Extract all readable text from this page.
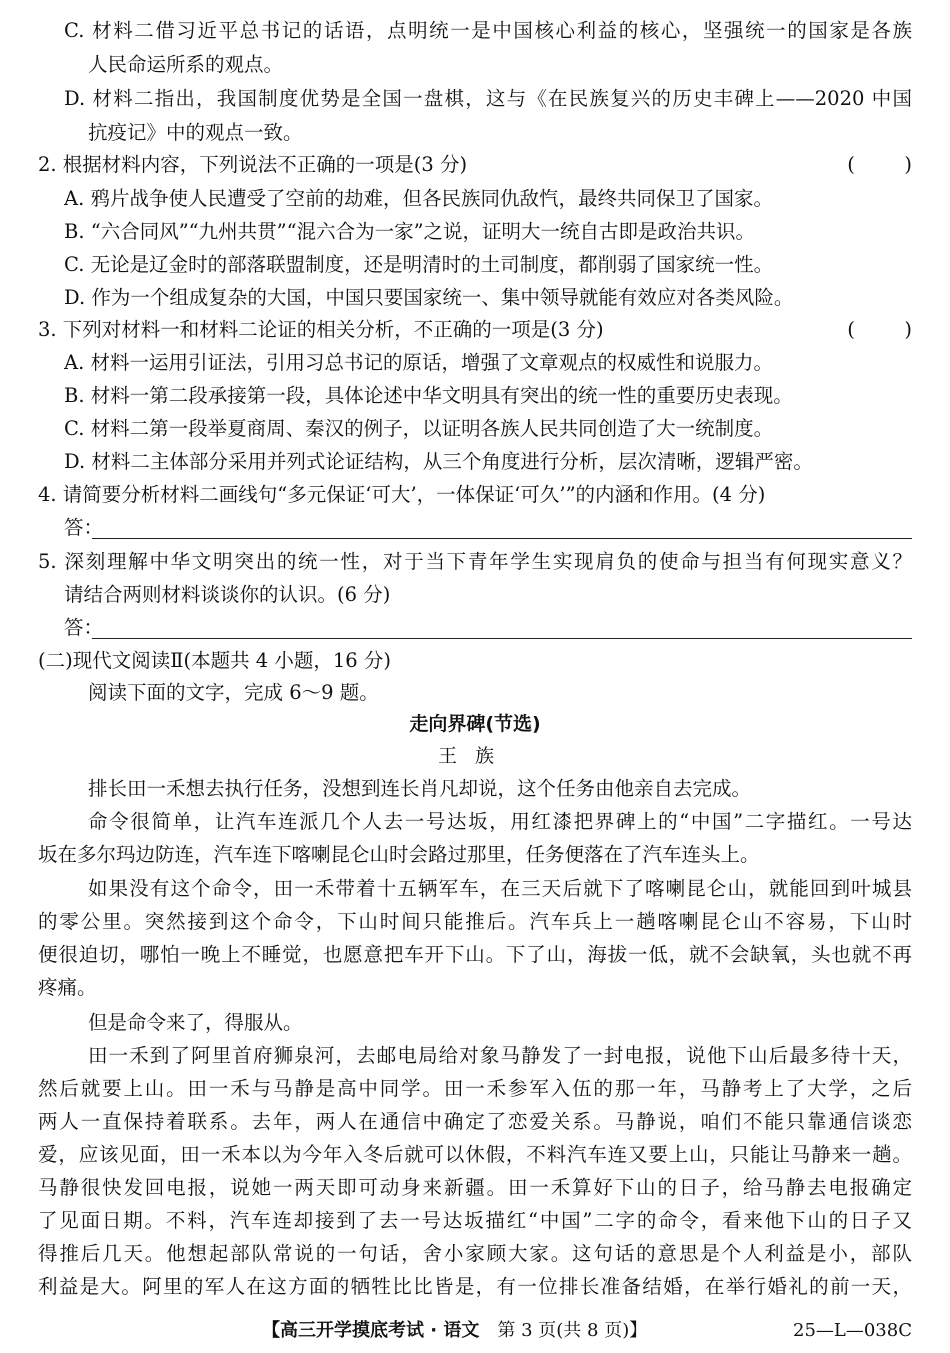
C. 材料二借习近平总书记的话语，点明统一是中国核心利益的核心，坚强统一的国家是各族
人民命运所系的观点。
D. 材料二指出，我国制度优势是全国一盘棋，这与《在民族复兴的历史丰碑上——2020 中国
抗疫记》中的观点一致。
2. 根据材料内容，下列说法不正确的一项是(3 分)	(        )
A. 鸦片战争使人民遭受了空前的劫难，但各民族同仇敌忾，最终共同保卫了国家。
B. “六合同风”“九州共贯”“混六合为一家”之说，证明大一统自古即是政治共识。
C. 无论是辽金时的部落联盟制度，还是明清时的土司制度，都削弱了国家统一性。
D. 作为一个组成复杂的大国，中国只要国家统一、集中领导就能有效应对各类风险。
3. 下列对材料一和材料二论证的相关分析，不正确的一项是(3 分)	(        )
A. 材料一运用引证法，引用习总书记的原话，增强了文章观点的权威性和说服力。
B. 材料一第二段承接第一段，具体论述中华文明具有突出的统一性的重要历史表现。
C. 材料二第一段举夏商周、秦汉的例子，以证明各族人民共同创造了大一统制度。
D. 材料二主体部分采用并列式论证结构，从三个角度进行分析，层次清晰，逻辑严密。
4. 请简要分析材料二画线句“多元保证‘可大’，一体保证‘可久’”的内涵和作用。(4 分)
答：
5. 深刻理解中华文明突出的统一性，对于当下青年学生实现肩负的使命与担当有何现实意义？
请结合两则材料谈谈你的认识。(6 分)
答：
(二)现代文阅读Ⅱ(本题共 4 小题，16 分)
阅读下面的文字，完成 6～9 题。
走向界碑(节选)
王族
排长田一禾想去执行任务，没想到连长肖凡却说，这个任务由他亲自去完成。
命令很简单，让汽车连派几个人去一号达坂，用红漆把界碑上的“中国”二字描红。一号达
坂在多尔玛边防连，汽车连下喀喇昆仑山时会路过那里，任务便落在了汽车连头上。
如果没有这个命令，田一禾带着十五辆军车，在三天后就下了喀喇昆仑山，就能回到叶城县
的零公里。突然接到这个命令，下山时间只能推后。汽车兵上一趟喀喇昆仑山不容易，下山时
便很迫切，哪怕一晚上不睡觉，也愿意把车开下山。下了山，海拔一低，就不会缺氧，头也就不再
疼痛。
但是命令来了，得服从。
田一禾到了阿里首府狮泉河，去邮电局给对象马静发了一封电报，说他下山后最多待十天，
然后就要上山。田一禾与马静是高中同学。田一禾参军入伍的那一年，马静考上了大学，之后
两人一直保持着联系。去年，两人在通信中确定了恋爱关系。马静说，咱们不能只靠通信谈恋
爱，应该见面，田一禾本以为今年入冬后就可以休假，不料汽车连又要上山，只能让马静来一趟。
马静很快发回电报，说她一两天即可动身来新疆。田一禾算好下山的日子，给马静去电报确定
了见面日期。不料，汽车连却接到了去一号达坂描红“中国”二字的命令，看来他下山的日子又
得推后几天。他想起部队常说的一句话，舍小家顾大家。这句话的意思是个人利益是小，部队
利益是大。阿里的军人在这方面的牺牲比比皆是，有一位排长准备结婚，在举行婚礼的前一天，
【高三开学摸底考试 · 语文 第 3 页(共 8 页)】	25—L—038C
